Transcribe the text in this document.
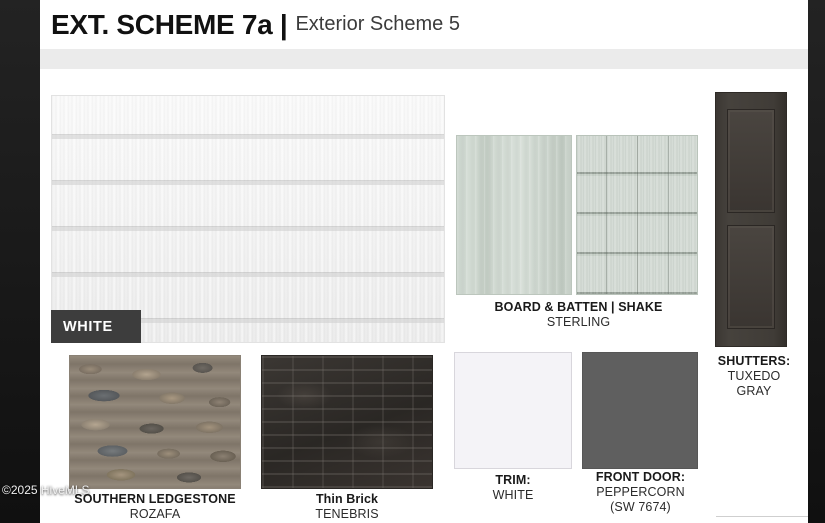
EXT. SCHEME 7a | Exterior Scheme 5
WHITE
BOARD & BATTEN | SHAKE
STERLING
SHUTTERS:
TUXEDO
GRAY
SOUTHERN LEDGESTONE
ROZAFA
Thin Brick
TENEBRIS
TRIM:
WHITE
FRONT DOOR:
PEPPERCORN
(SW 7674)
©2025 HiveMLS
